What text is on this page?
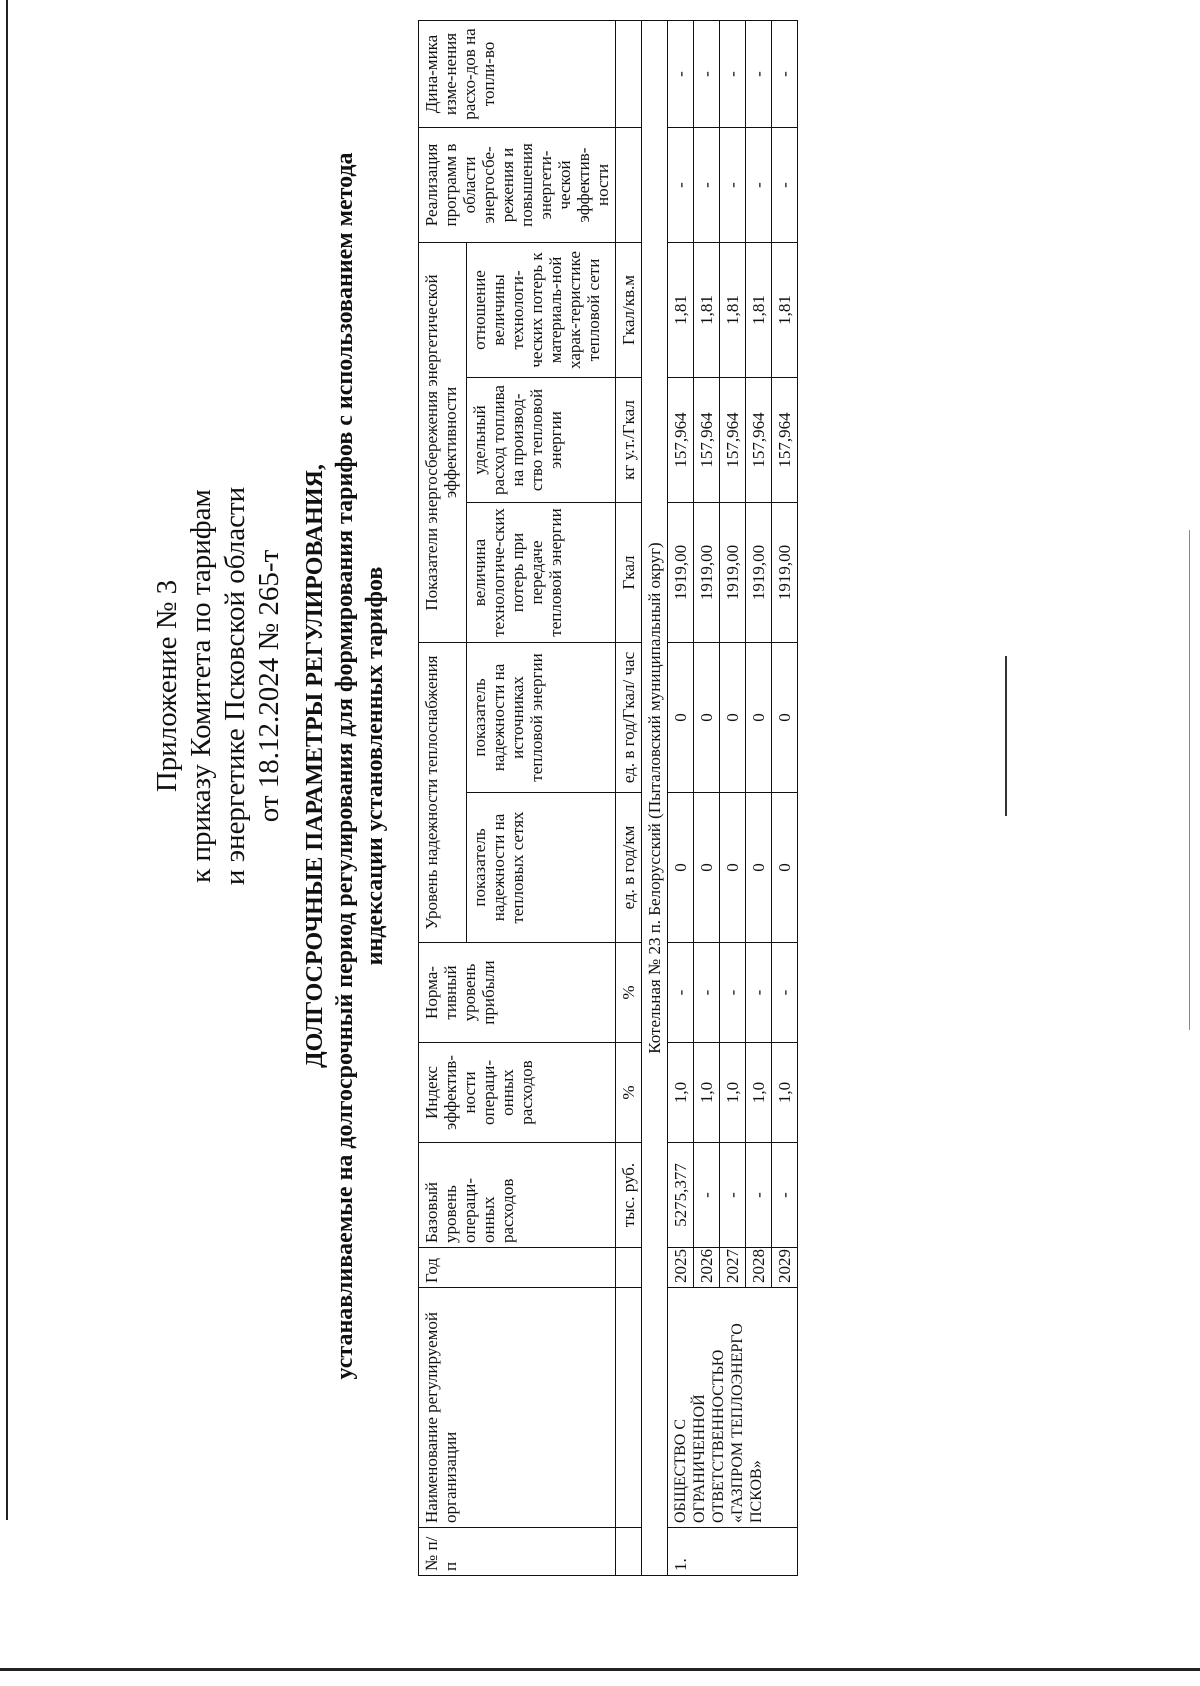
Приложение № 3 к приказу Комитета по тарифам и энергетике Псковской области от 18.12.2024 № 265-т ДОЛГОСРОЧНЫЕ ПАРАМЕТРЫ РЕГУЛИРОВАНИЯ, устанавливаемые на долгосрочный период регулирования для формирования тарифов с использованием метода индексации установленных тарифов
№ п/п	Наименование регулируемой организации	Год	Базовый уровень операци-онных расходов	Индекс эффектив-ности операци-онных расходов	Норма-тивный уровень прибыли	Уровень надежности теплоснабжения		Показатели энергосбережения энергетической эффективности			Реализация программ в области энергосбе-режения и повышения энергети-ческой эффектив-ности	Дина-мика изме-нения расхо-дов на топли-во
						показатель надежности на тепловых сетях	показатель надежности на источниках тепловой энергии	величина технологиче-ских потерь при передаче тепловой энергии	удельный расход топлива на производ-ство тепловой энергии	отношение величины технологи-ческих потерь к материаль-ной харак-теристике тепловой сети		
			тыс. руб.	%	%	ед. в год/км	ед. в год/Гкал/ час	Гкал	кг у.т./Гкал	Гкал/кв.м		
Котельная № 23 п. Белорусский (Пыталовский муниципальный округ)												
1.	ОБЩЕСТВО С ОГРАНИЧЕННОЙ ОТВЕТСТВЕННОСТЬЮ «ГАЗПРОМ ТЕПЛОЭНЕРГО ПСКОВ»	2025	5275,377	1,0	-	0	0	1919,00	157,964	1,81	-	-
		2026	-	1,0	-	0	0	1919,00	157,964	1,81	-	-
		2027	-	1,0	-	0	0	1919,00	157,964	1,81	-	-
		2028	-	1,0	-	0	0	1919,00	157,964	1,81	-	-
		2029	-	1,0	-	0	0	1919,00	157,964	1,81	-	-
